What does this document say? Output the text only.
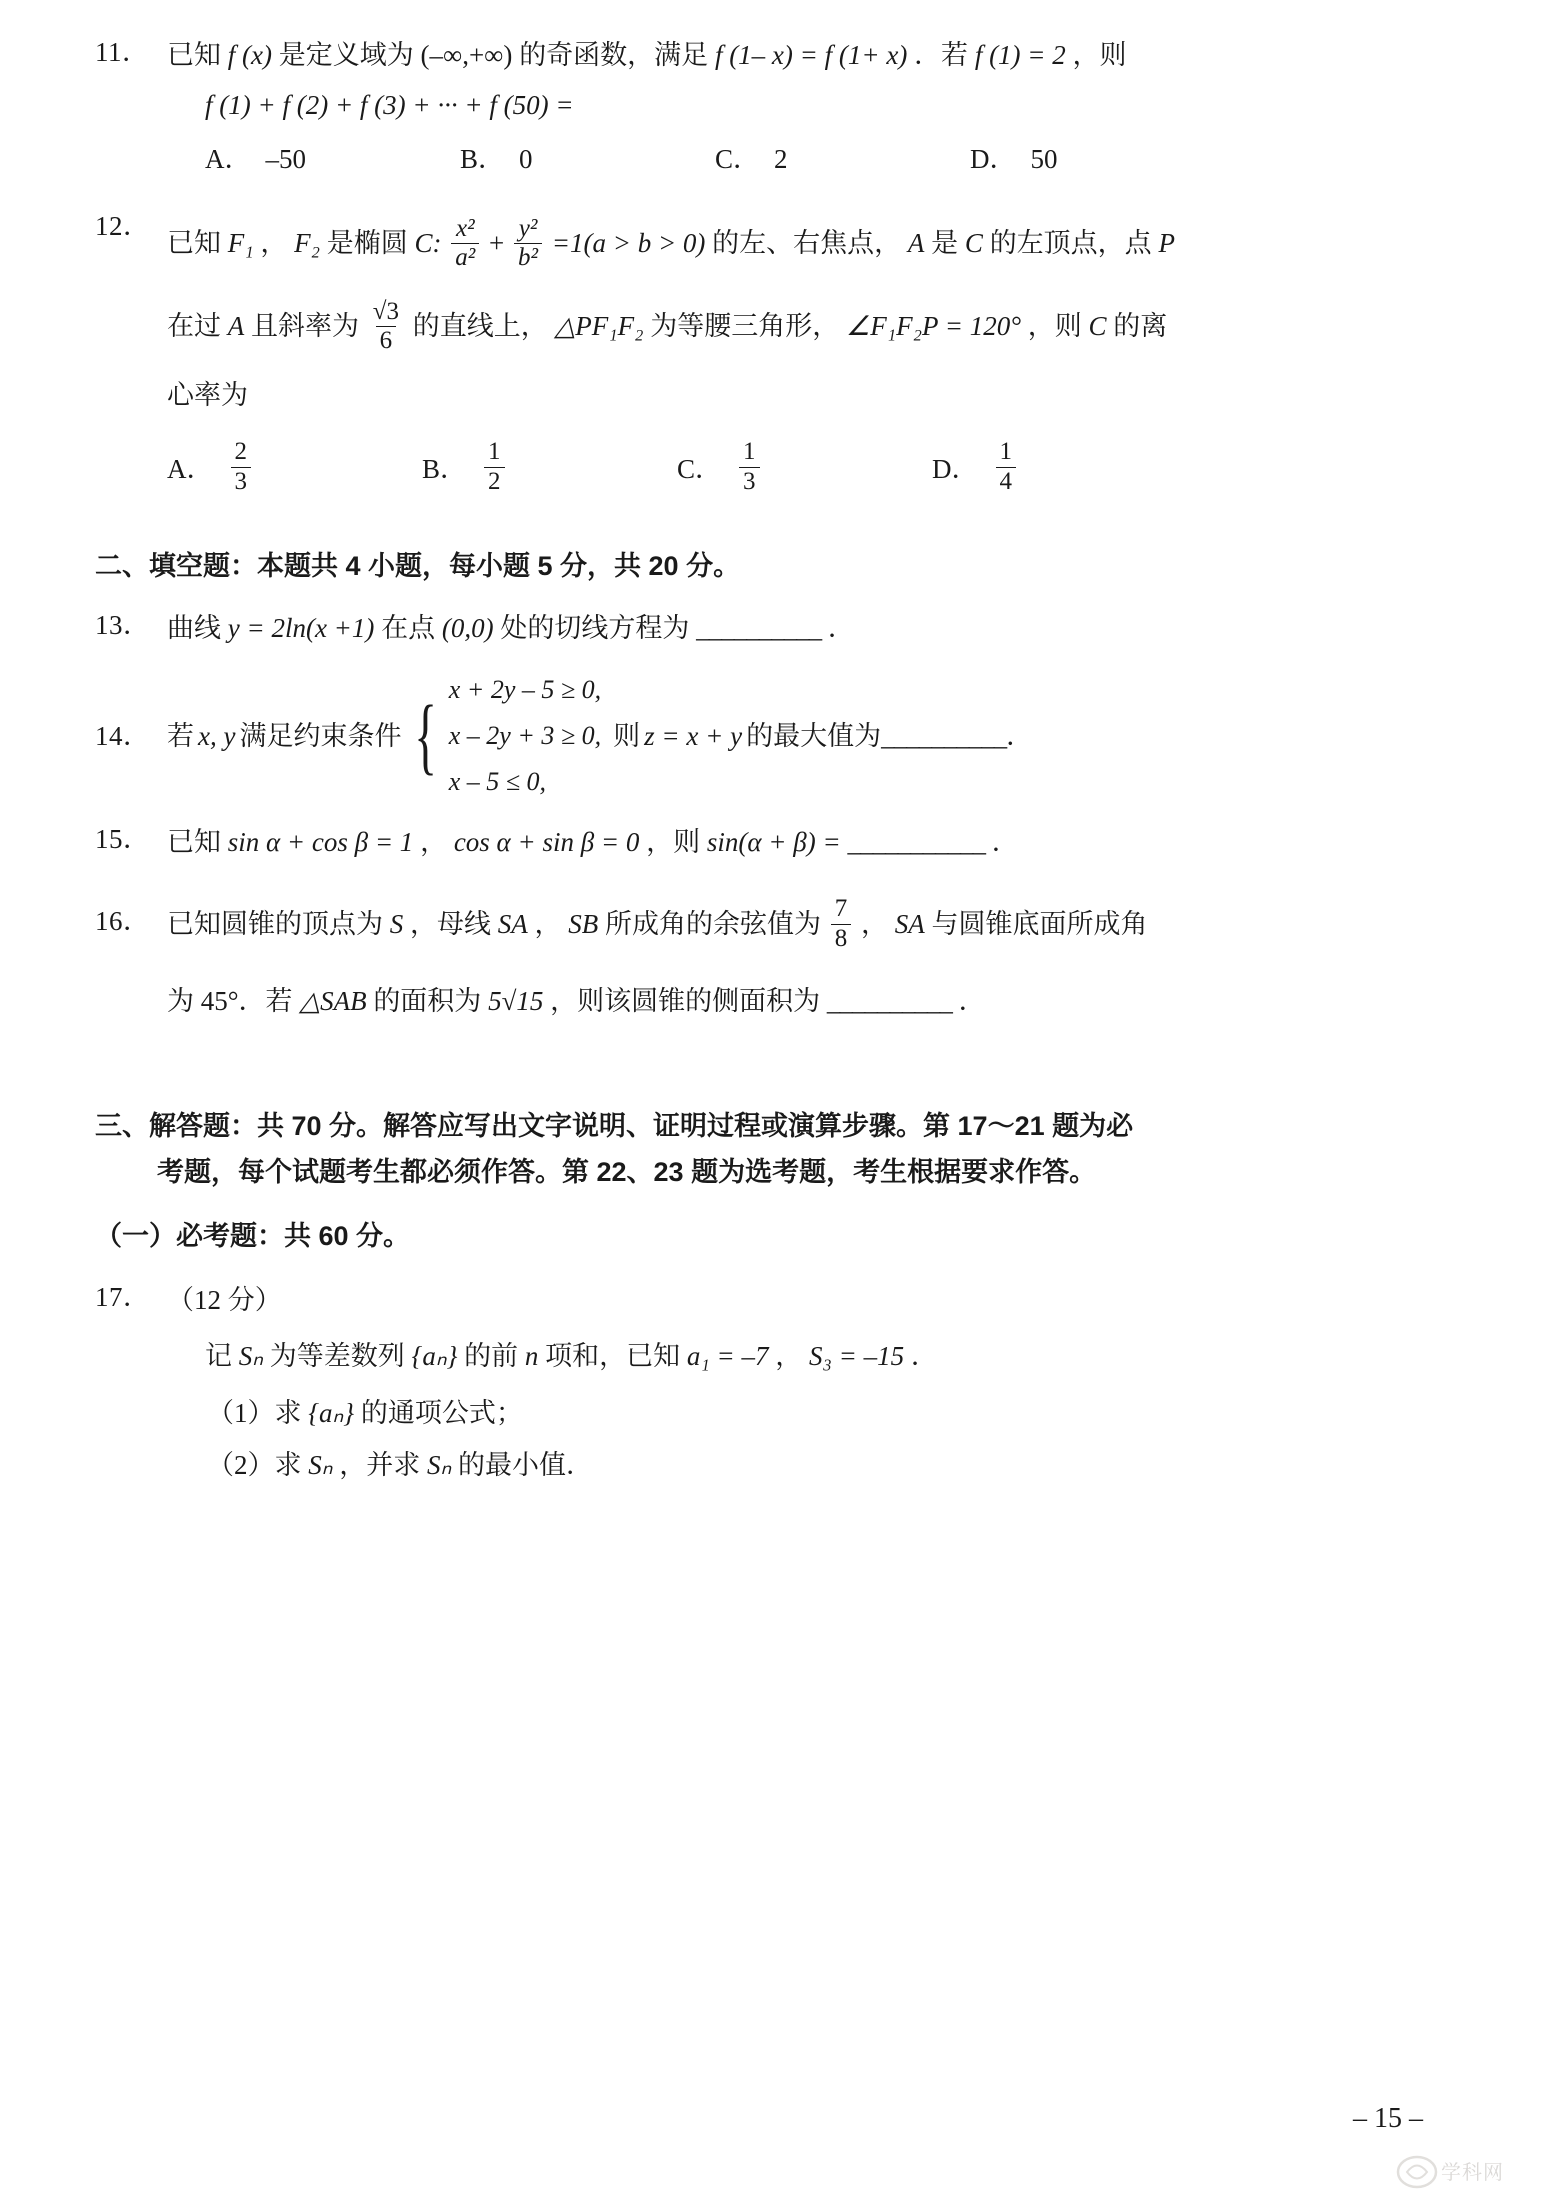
11． 已知 f (x) 是定义域为 (–∞,+∞) 的奇函数，满足 f (1– x) = f (1+ x) ．若 f (1) = 2 ，则
f (1) + f (2) + f (3) + ··· + f (50) =
A． –50	B． 0	C． 2	D． 50
12．
已知 F₁ ， F₂ 是椭圆 C: $\frac{\text{x²}}{\text{a²}} + \frac{\text{y²}}{\text{b²}} =1(a > b > 0)$ 的左、右焦点， A 是 C 的左顶点，点 P
在过 A 且斜率为 $\frac{√3}{6}$ 的直线上， △PF₁F₂ 为等腰三角形， ∠F₁F₂P = 120° ，则 C 的离
心率为
A． $\frac{2}{3}$	B． $\frac{1}{2}$	C． $\frac{1}{3}$	D． $\frac{1}{4}$
二、填空题：本题共 4 小题，每小题 5 分，共 20 分。
13． 曲线 y = 2ln(x +1) 在点 (0,0) 处的切线方程为 __________ ．
14． 若 x, y 满足约束条件 { x + 2y – 5 ≥ 0,
x – 2y + 3 ≥ 0,
x – 5 ≤ 0,
则 z = x + y 的最大值为 __________ ．
15． 已知 sin α + cos β = 1 ， cos α + sin β = 0 ，则 sin(α + β) = ___________ ．
16． 已知圆锥的顶点为 S ，母线 SA ， SB 所成角的余弦值为 $\frac{7}{8}$ ， SA 与圆锥底面所成角
为 45°．若 △SAB 的面积为 5√15 ，则该圆锥的侧面积为 __________ ．
三、解答题：共 70 分。解答应写出文字说明、证明过程或演算步骤。第 17～21 题为必
考题，每个试题考生都必须作答。第 22、23 题为选考题，考生根据要求作答。
（一）必考题：共 60 分。
17． （12 分）
记 Sₙ 为等差数列 {aₙ} 的前 n 项和，已知 a₁ = –7 ， S₃ = –15 ．
（1）求 {aₙ} 的通项公式；
（2）求 Sₙ ，并求 Sₙ 的最小值．
– 15 –
学科网
